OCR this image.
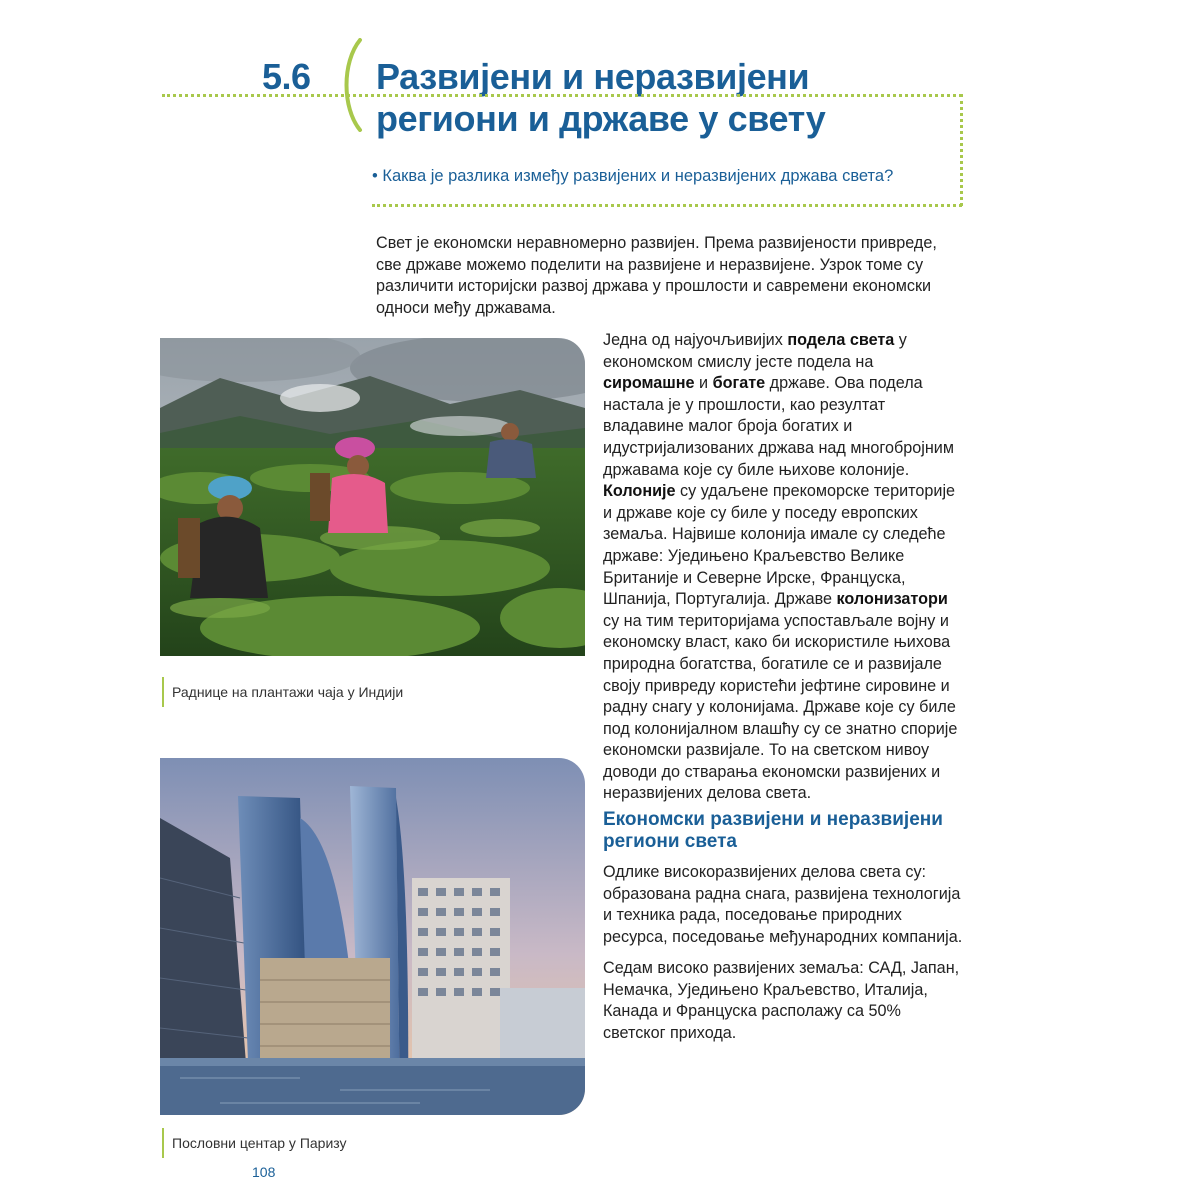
5.6 Развијени и неразвијени региони и државе у свету
• Каква је разлика између развијених и неразвијених држава света?

Свет је економски неравномерно развијен. Према развијености привреде, све државе можемо поделити на развијене и неразвијене. Узрок томе су различити историјски развој држава у прошлости и савремени економски односи међу државама.

Раднице на плантажи чаја у Индији

Једна од најуочљивијих подела света у економском смислу јесте подела на сиромашне и богате државе. Ова подела настала је у прошлости, као резултат владавине малог броја богатих и идустријализованих држава над многобројним државама које су биле њихове колоније. Колоније су удаљене прекоморске територије и државе које су биле у поседу европских земаља. Највише колонија имале су следеће државе: Уједињено Краљевство Велике Британије и Северне Ирске, Француска, Шпанија, Португалија. Државе колонизатори су на тим територијама успостављале војну и економску власт, како би искористиле њихова природна богатства, богатиле се и развијале своју привреду користећи јефтине сировине и радну снагу у колонијама. Државе које су биле под колонијалном влашћу су се знатно спорије економски развијале. То на светском нивоу доводи до стварања економски развијених и неразвијених делова света.

Пословни центар у Паризу
Економски развијени и неразвијени региони света

Одлике високоразвијених делова света су: образована радна снага, развијена технологија и техника рада, поседовање природних ресурса, поседовање међународних компанија.

Седам високо развијених земаља: САД, Јапан, Немачка, Уједињено Краљевство, Италија, Канада и Француска располажу са 50% светског прихода.

108
